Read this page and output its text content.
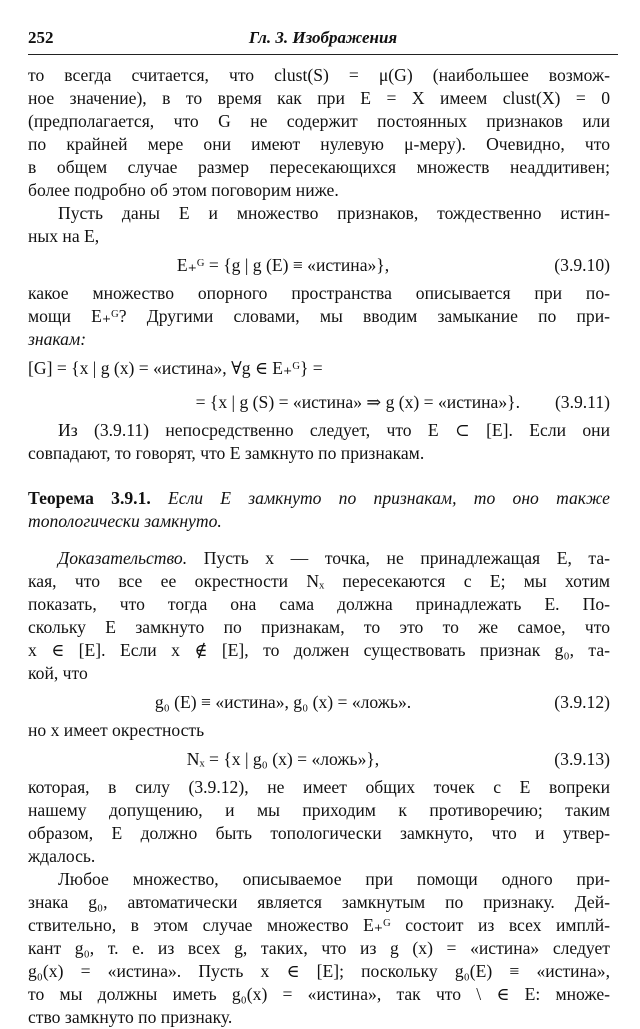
252	Гл. 3. Изображения

то всегда считается, что clust(S) = μ(G) (наибольшее возмож-

ное значение), в то время как при E = X имеем clust(X) = 0

(предполагается, что G не содержит постоянных признаков или

по крайней мере они имеют нулевую μ-меру). Очевидно, что

в общем случае размер пересекающихся множеств неаддитивен;

более подробно об этом поговорим ниже.

Пусть даны E и множество признаков, тождественно истин-

ных на E,

E₊ᴳ = {g | g (E) ≡ «истина»},	(3.9.10)

какое множество опорного пространства описывается при по-

мощи E₊ᴳ? Другими словами, мы вводим замыкание по при-

знакам:

[G] = {x | g (x) = «истина», ∀g ∈ E₊ᴳ} =
= {x | g (S) = «истина» ⇒ g (x) = «истина»}. (3.9.11)

Из (3.9.11) непосредственно следует, что E ⊂ [E]. Если они

совпадают, то говорят, что E замкнуто по признакам.

Теорема 3.9.1. Если E замкнуто по признакам, то оно также

топологически замкнуто.

Доказательство. Пусть x — точка, не принадлежащая E, та-

кая, что все ее окрестности Nₓ пересекаются с E; мы хотим

показать, что тогда она сама должна принадлежать E. По-

скольку E замкнуто по признакам, то это то же самое, что

x ∈ [E]. Если x ∉ [E], то должен существовать признак g₀, та-

кой, что

g₀ (E) ≡ «истина», g₀ (x) = «ложь».	(3.9.12)

но x имеет окрестность

Nₓ = {x | g₀ (x) = «ложь»},	(3.9.13)

которая, в силу (3.9.12), не имеет общих точек с E вопреки

нашему допущению, и мы приходим к противоречию; таким

образом, E должно быть топологически замкнуто, что и утвер-

ждалось.

Любое множество, описываемое при помощи одного при-

знака g₀, автоматически является замкнутым по признаку. Дей-

ствительно, в этом случае множество E₊ᴳ состоит из всех имплй-

кант g₀, т. е. из всех g, таких, что из g (x) = «истина» следует

g₀(x) = «истина». Пусть x ∈ [E]; поскольку g₀(E) ≡ «истина»,

то мы должны иметь g₀(x) = «истина», так что \ ∈ E: множе-

ство замкнуто по признаку.
